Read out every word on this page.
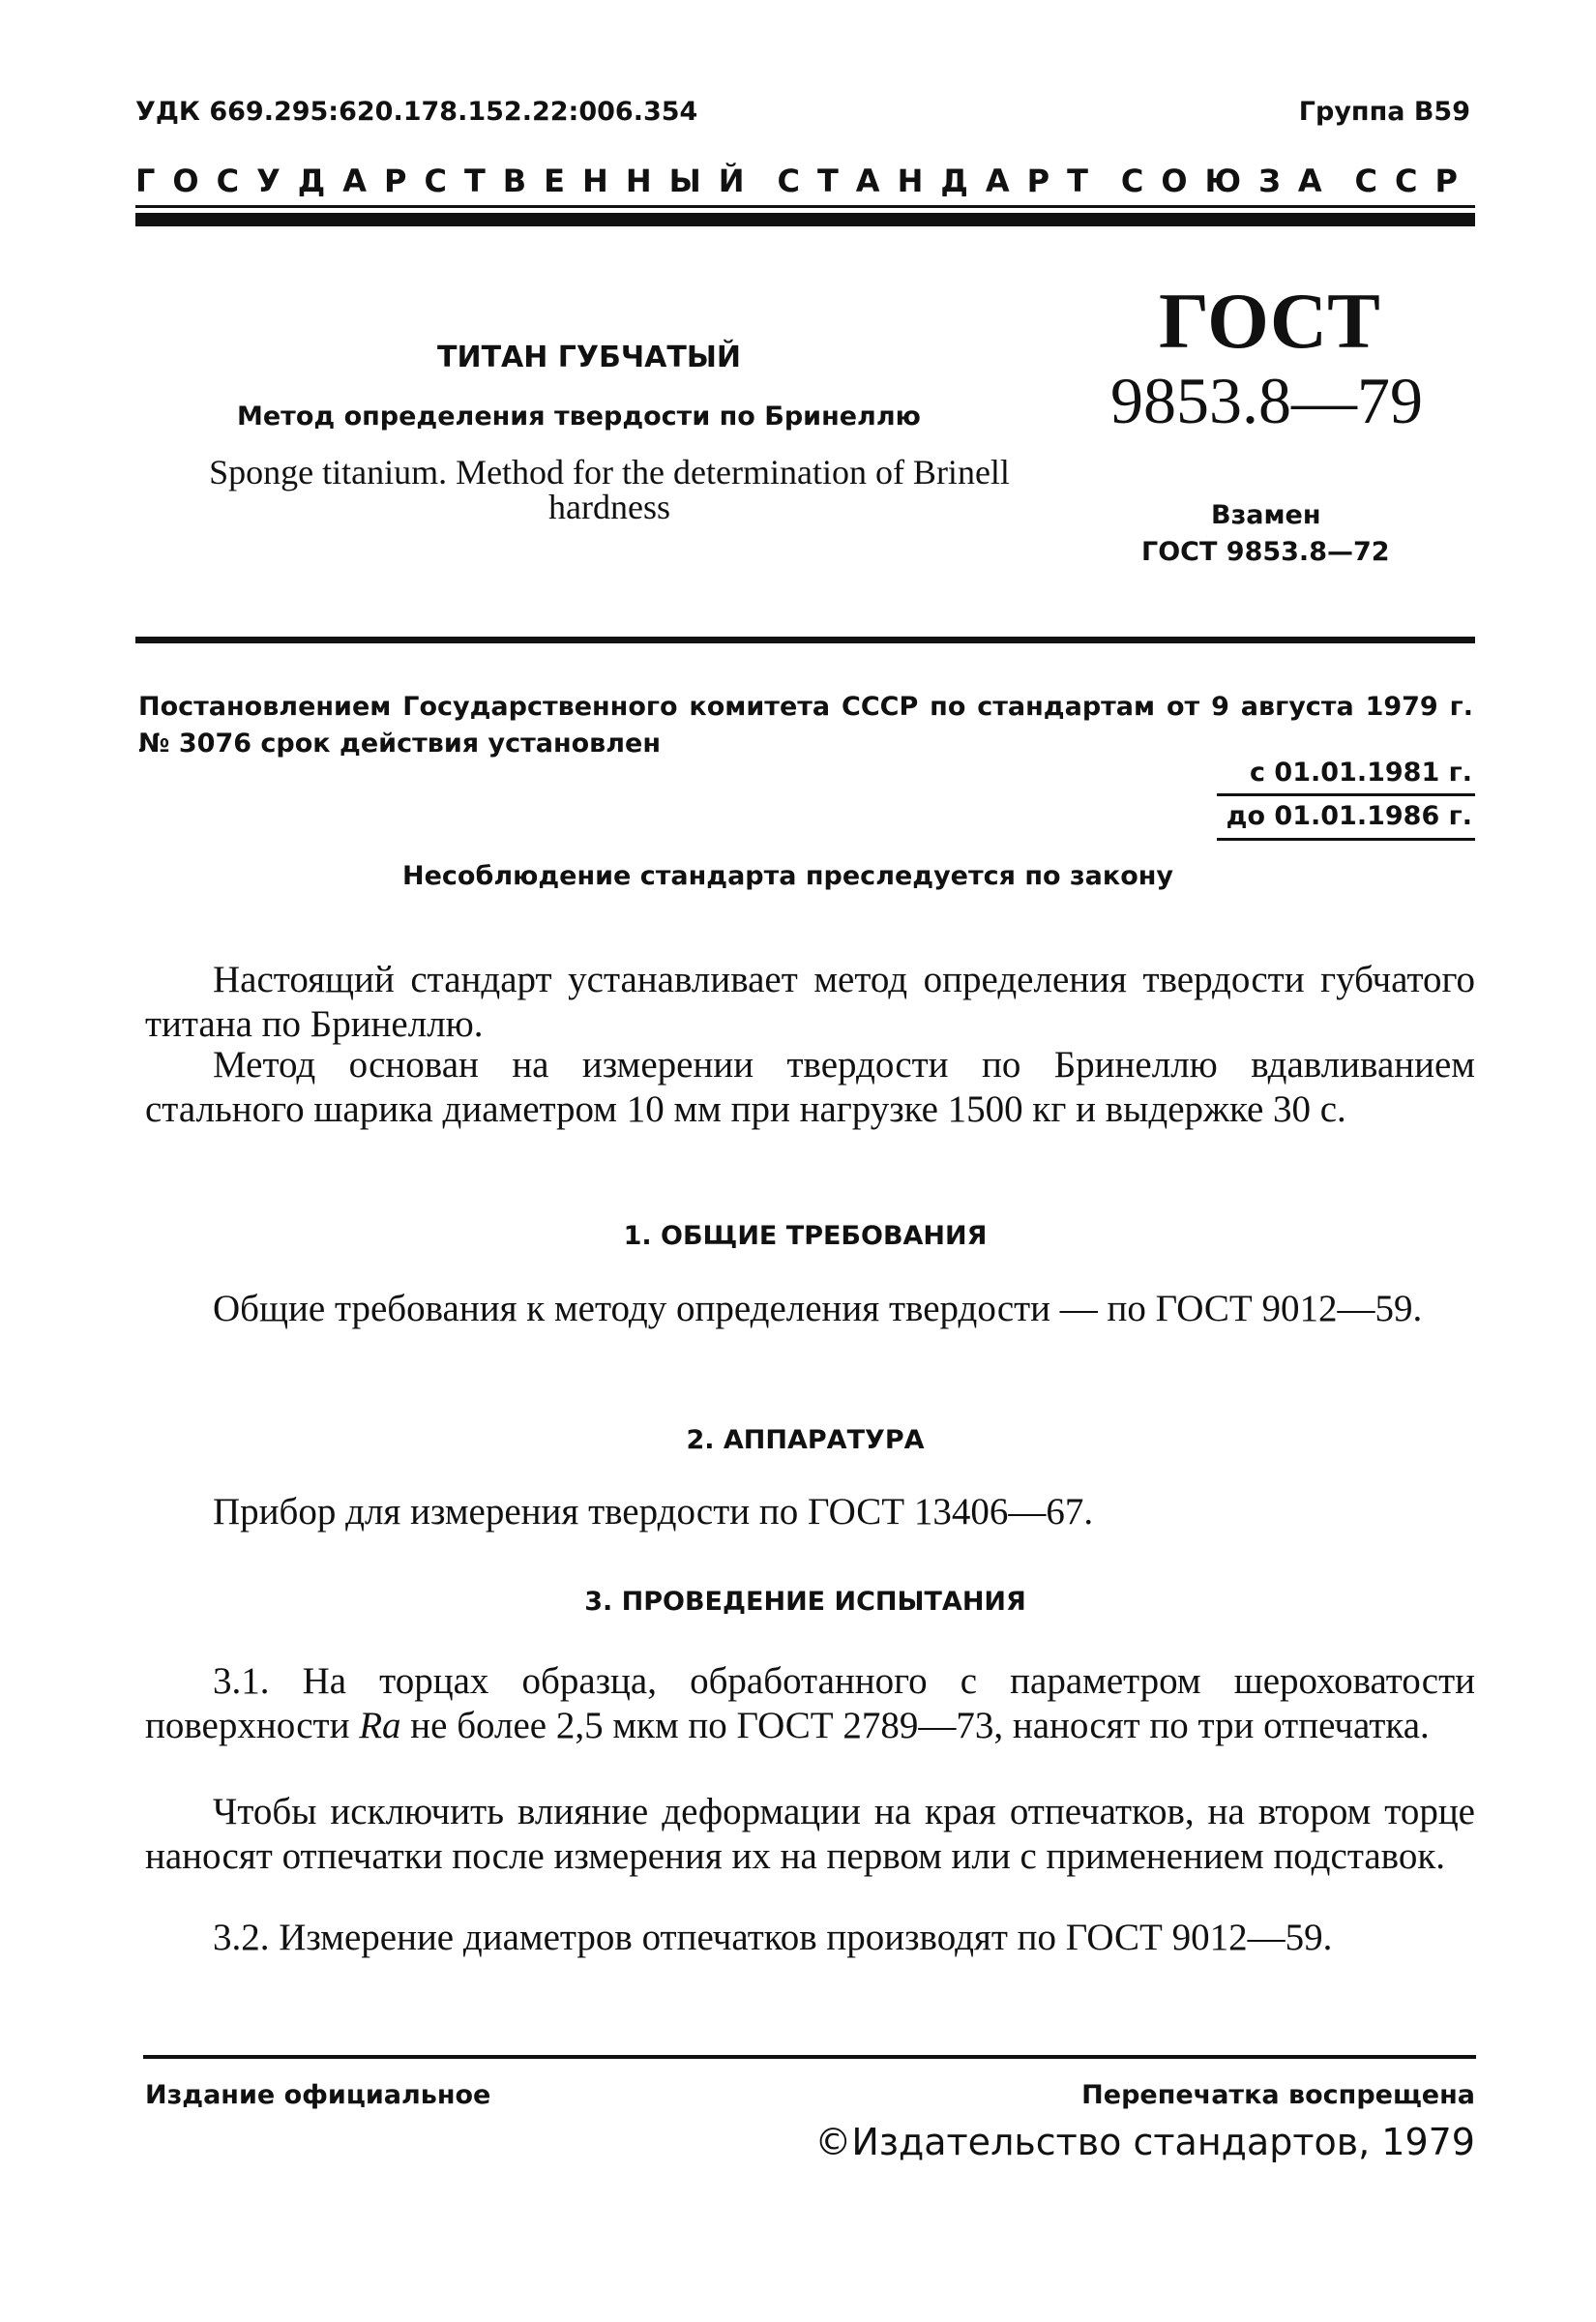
УДК 669.295:620.178.152.22:006.354	Группа В59
ГОСУДАРСТВЕННЫЙ СТАНДАРТ СОЮЗА ССР
ТИТАН ГУБЧАТЫЙ
Метод определения твердости по Бринеллю
Sponge titanium. Method for the determination of Brinell hardness
ГОСТ
9853.8—79
Взамен
ГОСТ 9853.8—72
Постановлением Государственного комитета СССР по стандартам от 9 августа 1979 г. № 3076 срок действия установлен
с 01.01.1981 г.
до 01.01.1986 г.
Несоблюдение стандарта преследуется по закону
Настоящий стандарт устанавливает метод определения твердости губчатого титана по Бринеллю.
Метод основан на измерении твердости по Бринеллю вдавливанием стального шарика диаметром 10 мм при нагрузке 1500 кг и выдержке 30 с.
1. ОБЩИЕ ТРЕБОВАНИЯ
Общие требования к методу определения твердости — по ГОСТ 9012—59.
2. АППАРАТУРА
Прибор для измерения твердости по ГОСТ 13406—67.
3. ПРОВЕДЕНИЕ ИСПЫТАНИЯ
3.1. На торцах образца, обработанного с параметром шероховатости поверхности Ra не более 2,5 мкм по ГОСТ 2789—73, наносят по три отпечатка.
Чтобы исключить влияние деформации на края отпечатков, на втором торце наносят отпечатки после измерения их на первом или с применением подставок.
3.2. Измерение диаметров отпечатков производят по ГОСТ 9012—59.
Издание официальное	Перепечатка воспрещена
©Издательство стандартов, 1979
